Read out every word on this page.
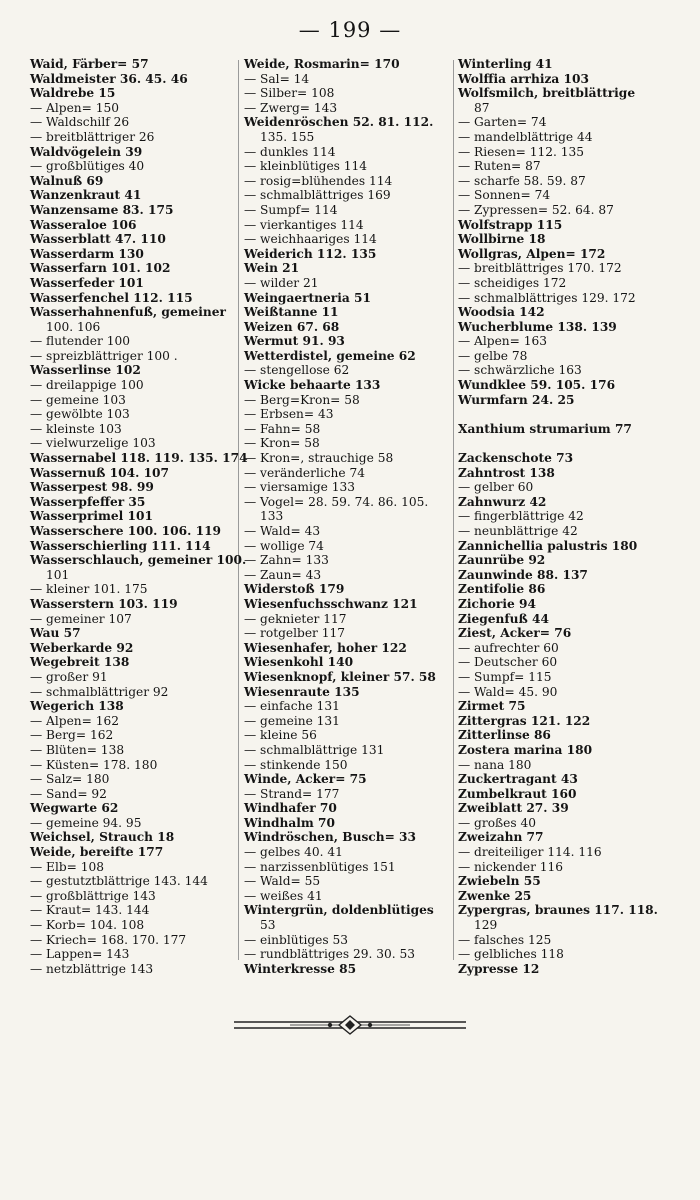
— 199 —
Waid, Färber= 57
Waldmeister 36. 45. 46
Waldrebe 15
— Alpen= 150
— Waldschilf 26
— breitblättriger 26
Waldvögelein 39
— großblütiges 40
Walnuß 69
Wanzenkraut 41
Wanzensame 83. 175
Wasseraloe 106
Wasserblatt 47. 110
Wasserdarm 130
Wasserfarn 101. 102
Wasserfeder 101
Wasserfenchel 112. 115
Wasserhahnenfuß, gemeiner
100. 106
— flutender 100
— spreizblättriger 100 .
Wasserlinse 102
— dreilappige 100
— gemeine 103
— gewölbte 103
— kleinste 103
— vielwurzelige 103
Wassernabel 118. 119. 135. 174
Wassernuß 104. 107
Wasserpest 98. 99
Wasserpfeffer 35
Wasserprimel 101
Wasserschere 100. 106. 119
Wasserschierling 111. 114
Wasserschlauch, gemeiner 100.
101
— kleiner 101. 175
Wasserstern 103. 119
— gemeiner 107
Wau 57
Weberkarde 92
Wegebreit 138
— großer 91
— schmalblättriger 92
Wegerich 138
— Alpen= 162
— Berg= 162
— Blüten= 138
— Küsten= 178. 180
— Salz= 180
— Sand= 92
Wegwarte 62
— gemeine 94. 95
Weichsel, Strauch 18
Weide, bereifte 177
— Elb= 108
— gestutztblättrige 143. 144
— großblättrige 143
— Kraut= 143. 144
— Korb= 104. 108
— Kriech= 168. 170. 177
— Lappen= 143
— netzblättrige 143
Weide, Rosmarin= 170
— Sal= 14
— Silber= 108
— Zwerg= 143
Weidenröschen 52. 81. 112.
135. 155
— dunkles 114
— kleinblütiges 114
— rosig=blühendes 114
— schmalblättriges 169
— Sumpf= 114
— vierkantiges 114
— weichhaariges 114
Weiderich 112. 135
Wein 21
— wilder 21
Weingaertneria 51
Weißtanne 11
Weizen 67. 68
Wermut 91. 93
Wetterdistel, gemeine 62
— stengellose 62
Wicke behaarte 133
— Berg=Kron= 58
— Erbsen= 43
— Fahn= 58
— Kron= 58
— Kron=, strauchige 58
— veränderliche 74
— viersamige 133
— Vogel= 28. 59. 74. 86. 105.
133
— Wald= 43
— wollige 74
— Zahn= 133
— Zaun= 43
Widerstoß 179
Wiesenfuchsschwanz 121
— geknieter 117
— rotgelber 117
Wiesenhafer, hoher 122
Wiesenkohl 140
Wiesenknopf, kleiner 57. 58
Wiesenraute 135
— einfache 131
— gemeine 131
— kleine 56
— schmalblättrige 131
— stinkende 150
Winde, Acker= 75
— Strand= 177
Windhafer 70
Windhalm 70
Windröschen, Busch= 33
— gelbes 40. 41
— narzissenblütiges 151
— Wald= 55
— weißes 41
Wintergrün, doldenblütiges
53
— einblütiges 53
— rundblättriges 29. 30. 53
Winterkresse 85
Winterling 41
Wolffia arrhiza 103
Wolfsmilch, breitblättrige
87
— Garten= 74
— mandelblättrige 44
— Riesen= 112. 135
— Ruten= 87
— scharfe 58. 59. 87
— Sonnen= 74
— Zypressen= 52. 64. 87
Wolfstrapp 115
Wollbirne 18
Wollgras, Alpen= 172
— breitblättriges 170. 172
— scheidiges 172
— schmalblättriges 129. 172
Woodsia 142
Wucherblume 138. 139
— Alpen= 163
— gelbe 78
— schwärzliche 163
Wundklee 59. 105. 176
Wurmfarn 24. 25
Xanthium strumarium 77
Zackenschote 73
Zahntrost 138
— gelber 60
Zahnwurz 42
— fingerblättrige 42
— neunblättrige 42
Zannichellia palustris 180
Zaunrübe 92
Zaunwinde 88. 137
Zentifolie 86
Zichorie 94
Ziegenfuß 44
Ziest, Acker= 76
— aufrechter 60
— Deutscher 60
— Sumpf= 115
— Wald= 45. 90
Zirmet 75
Zittergras 121. 122
Zitterlinse 86
Zostera marina 180
— nana 180
Zuckertragant 43
Zumbelkraut 160
Zweiblatt 27. 39
— großes 40
Zweizahn 77
— dreiteiliger 114. 116
— nickender 116
Zwiebeln 55
Zwenke 25
Zypergras, braunes 117. 118.
129
— falsches 125
— gelbliches 118
Zypresse 12
